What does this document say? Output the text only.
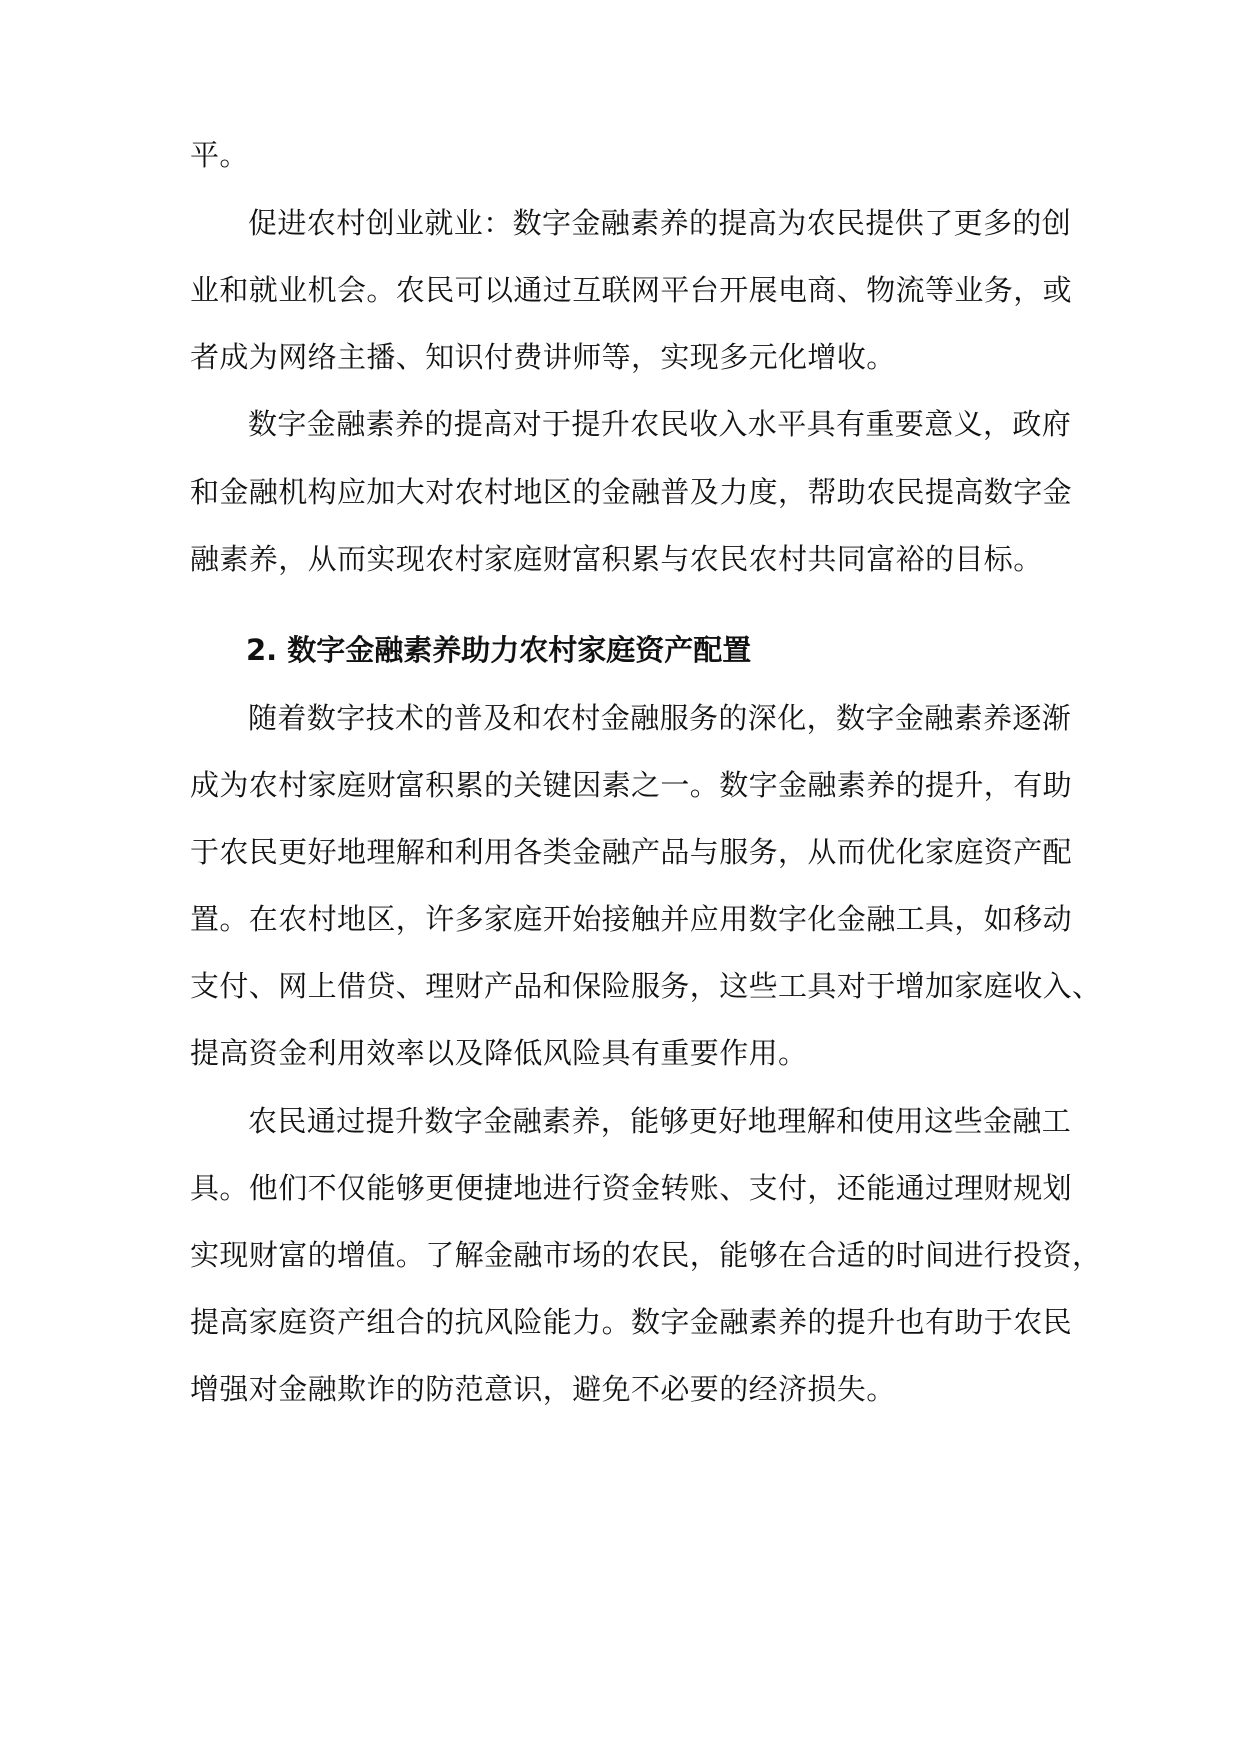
平。
促进农村创业就业：数字金融素养的提高为农民提供了更多的创
业和就业机会。农民可以通过互联网平台开展电商、物流等业务，或
者成为网络主播、知识付费讲师等，实现多元化增收。
数字金融素养的提高对于提升农民收入水平具有重要意义，政府
和金融机构应加大对农村地区的金融普及力度，帮助农民提高数字金
融素养，从而实现农村家庭财富积累与农民农村共同富裕的目标。
2. 数字金融素养助力农村家庭资产配置
随着数字技术的普及和农村金融服务的深化，数字金融素养逐渐
成为农村家庭财富积累的关键因素之一。数字金融素养的提升，有助
于农民更好地理解和利用各类金融产品与服务，从而优化家庭资产配
置。在农村地区，许多家庭开始接触并应用数字化金融工具，如移动
支付、网上借贷、理财产品和保险服务，这些工具对于增加家庭收入、
提高资金利用效率以及降低风险具有重要作用。
农民通过提升数字金融素养，能够更好地理解和使用这些金融工
具。他们不仅能够更便捷地进行资金转账、支付，还能通过理财规划
实现财富的增值。了解金融市场的农民，能够在合适的时间进行投资，
提高家庭资产组合的抗风险能力。数字金融素养的提升也有助于农民
增强对金融欺诈的防范意识，避免不必要的经济损失。
